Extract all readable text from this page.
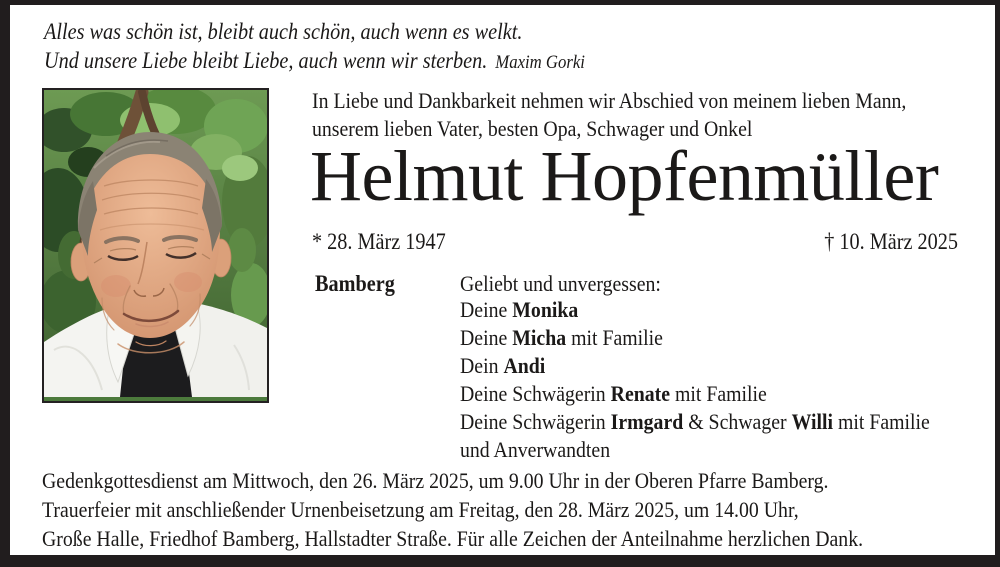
Alles was schön ist, bleibt auch schön, auch wenn es welkt.
Und unsere Liebe bleibt Liebe, auch wenn wir sterben. Maxim Gorki
In Liebe und Dankbarkeit nehmen wir Abschied von meinem lieben Mann,
unserem lieben Vater, besten Opa, Schwager und Onkel
Helmut Hopfenmüller
* 28. März 1947	† 10. März 2025
Bamberg	Geliebt und unvergessen:
Deine Monika
Deine Micha mit Familie
Dein Andi
Deine Schwägerin Renate mit Familie
Deine Schwägerin Irmgard & Schwager Willi mit Familie
und Anverwandten
Gedenkgottesdienst am Mittwoch, den 26. März 2025, um 9.00 Uhr in der Oberen Pfarre Bamberg.
Trauerfeier mit anschließender Urnenbeisetzung am Freitag, den 28. März 2025, um 14.00 Uhr,
Große Halle, Friedhof Bamberg, Hallstadter Straße. Für alle Zeichen der Anteilnahme herzlichen Dank.
